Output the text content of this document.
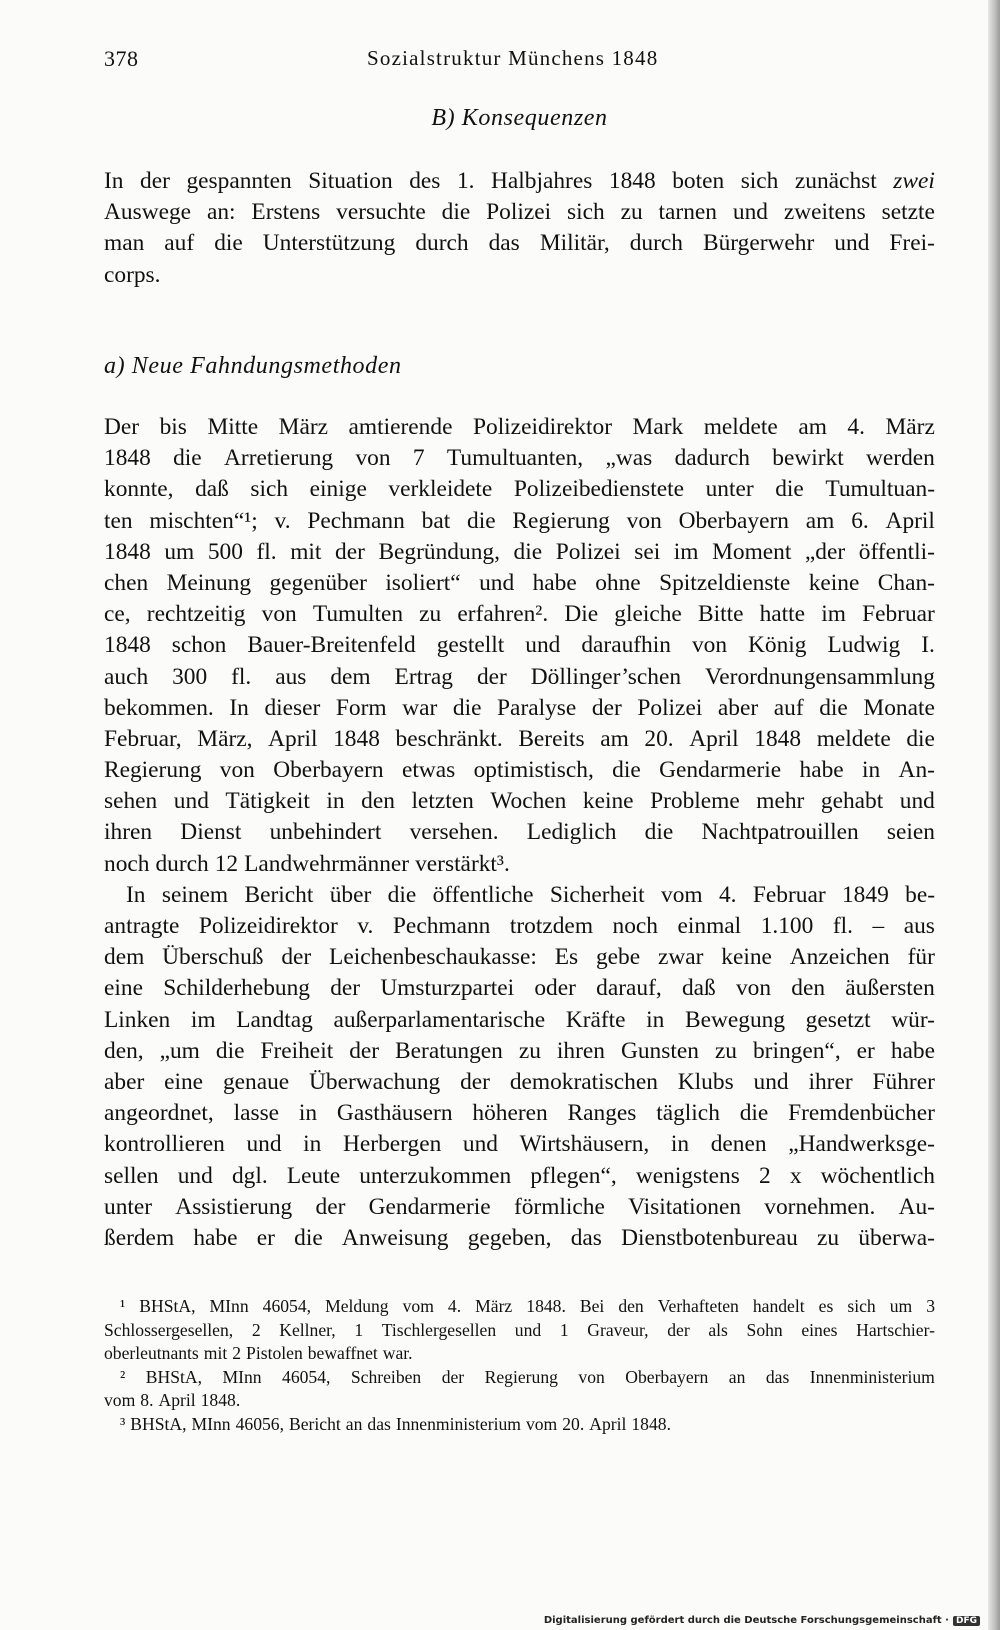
378	Sozialstruktur Münchens 1848
B) Konsequenzen
In der gespannten Situation des 1. Halbjahres 1848 boten sich zunächst zwei
Auswege an: Erstens versuchte die Polizei sich zu tarnen und zweitens setzte
man auf die Unterstützung durch das Militär, durch Bürgerwehr und Frei-
corps.
a) Neue Fahndungsmethoden
Der bis Mitte März amtierende Polizeidirektor Mark meldete am 4. März
1848 die Arretierung von 7 Tumultuanten, „was dadurch bewirkt werden
konnte, daß sich einige verkleidete Polizeibedienstete unter die Tumultuan-
ten mischten“¹; v. Pechmann bat die Regierung von Oberbayern am 6. April
1848 um 500 fl. mit der Begründung, die Polizei sei im Moment „der öffentli-
chen Meinung gegenüber isoliert“ und habe ohne Spitzeldienste keine Chan-
ce, rechtzeitig von Tumulten zu erfahren². Die gleiche Bitte hatte im Februar
1848 schon Bauer-Breitenfeld gestellt und daraufhin von König Ludwig I.
auch 300 fl. aus dem Ertrag der Döllinger’schen Verordnungensammlung
bekommen. In dieser Form war die Paralyse der Polizei aber auf die Monate
Februar, März, April 1848 beschränkt. Bereits am 20. April 1848 meldete die
Regierung von Oberbayern etwas optimistisch, die Gendarmerie habe in An-
sehen und Tätigkeit in den letzten Wochen keine Probleme mehr gehabt und
ihren Dienst unbehindert versehen. Lediglich die Nachtpatrouillen seien
noch durch 12 Landwehrmänner verstärkt³.
In seinem Bericht über die öffentliche Sicherheit vom 4. Februar 1849 be-
antragte Polizeidirektor v. Pechmann trotzdem noch einmal 1.100 fl. – aus
dem Überschuß der Leichenbeschaukasse: Es gebe zwar keine Anzeichen für
eine Schilderhebung der Umsturzpartei oder darauf, daß von den äußersten
Linken im Landtag außerparlamentarische Kräfte in Bewegung gesetzt wür-
den, „um die Freiheit der Beratungen zu ihren Gunsten zu bringen“, er habe
aber eine genaue Überwachung der demokratischen Klubs und ihrer Führer
angeordnet, lasse in Gasthäusern höheren Ranges täglich die Fremdenbücher
kontrollieren und in Herbergen und Wirtshäusern, in denen „Handwerksge-
sellen und dgl. Leute unterzukommen pflegen“, wenigstens 2 x wöchentlich
unter Assistierung der Gendarmerie förmliche Visitationen vornehmen. Au-
ßerdem habe er die Anweisung gegeben, das Dienstbotenbureau zu überwa-
¹ BHStA, MInn 46054, Meldung vom 4. März 1848. Bei den Verhafteten handelt es sich um 3
Schlossergesellen, 2 Kellner, 1 Tischlergesellen und 1 Graveur, der als Sohn eines Hartschier-
oberleutnants mit 2 Pistolen bewaffnet war.
² BHStA, MInn 46054, Schreiben der Regierung von Oberbayern an das Innenministerium
vom 8. April 1848.
³ BHStA, MInn 46056, Bericht an das Innenministerium vom 20. April 1848.
Digitalisierung gefördert durch die Deutsche Forschungsgemeinschaft · DFG
